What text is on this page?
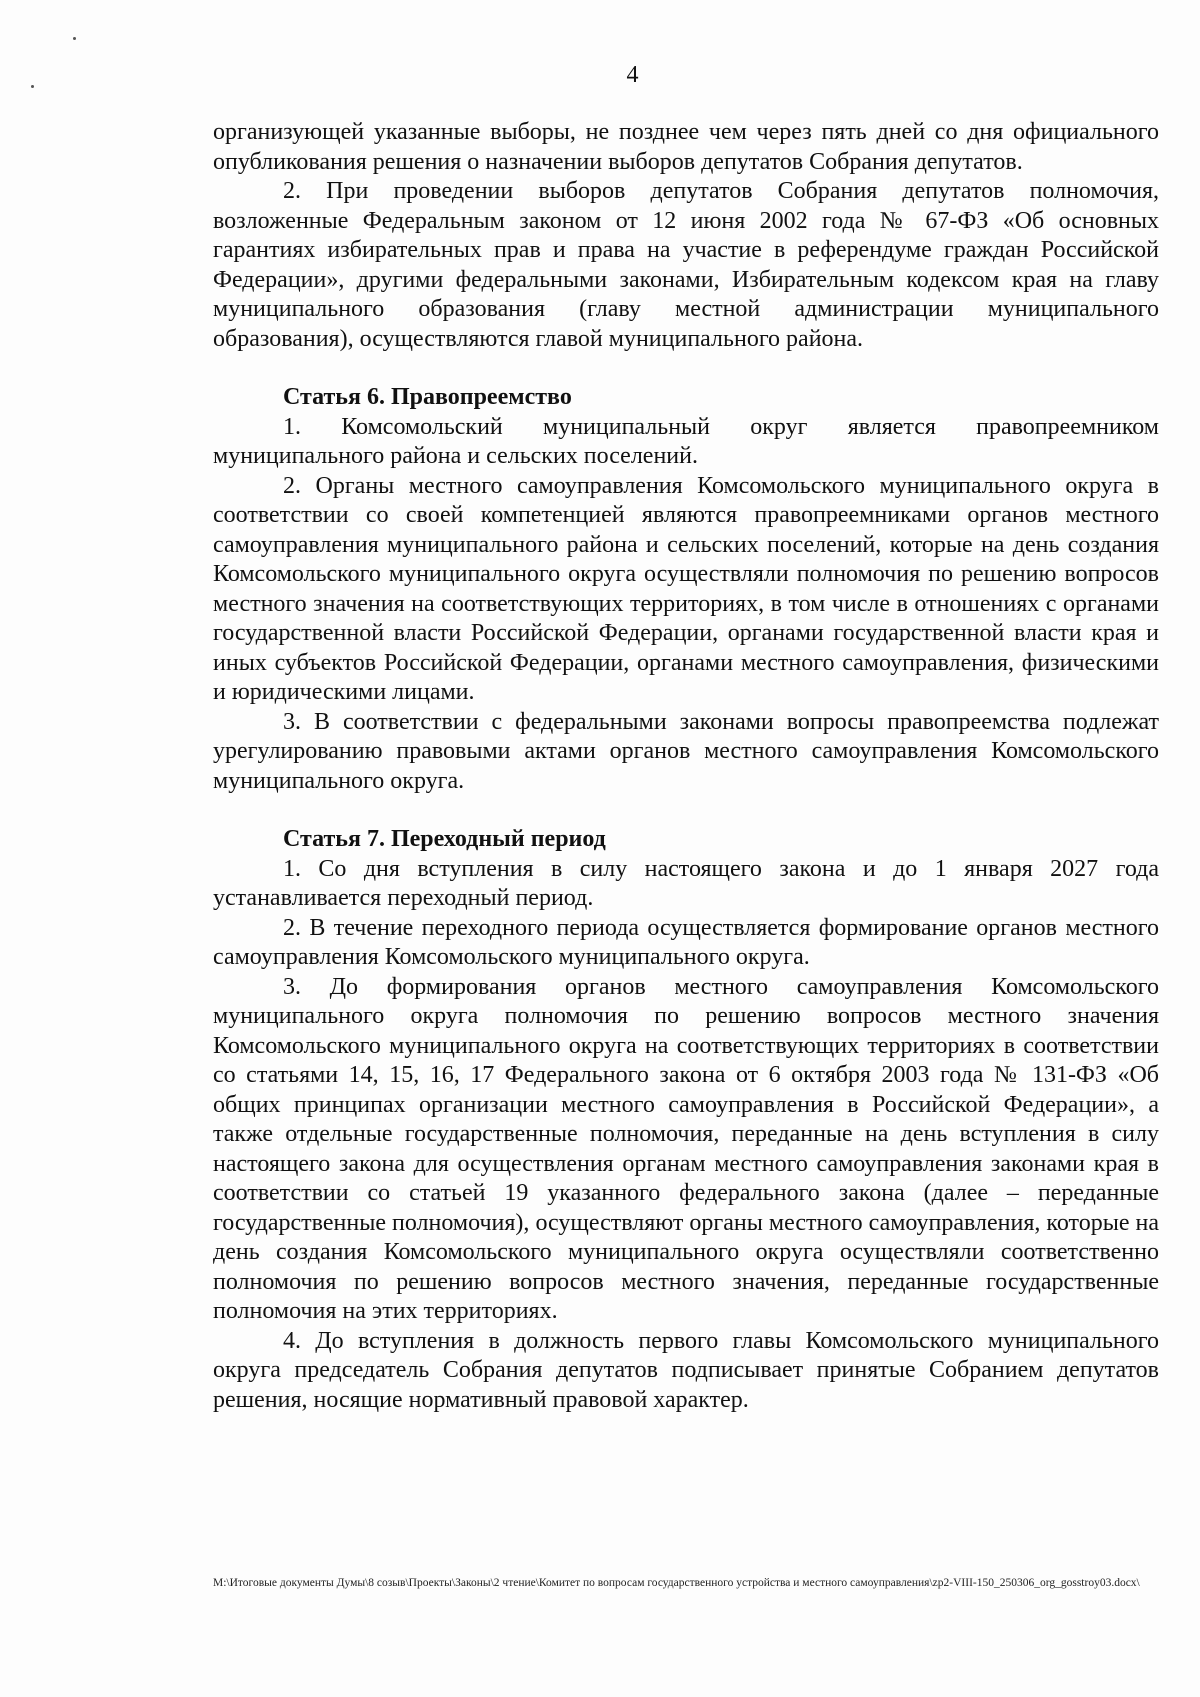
4

организующей указанные выборы, не позднее чем через пять дней со дня официального опубликования решения о назначении выборов депутатов Собрания депутатов.

2. При проведении выборов депутатов Собрания депутатов полномочия, возложенные Федеральным законом от 12 июня 2002 года № 67-ФЗ «Об основных гарантиях избирательных прав и права на участие в референдуме граждан Российской Федерации», другими федеральными законами, Избирательным кодексом края на главу муниципального образования (главу местной администрации муниципального образования), осуществляются главой муниципального района.

Статья 6. Правопреемство

1. Комсомольский муниципальный округ является правопреемником муниципального района и сельских поселений.

2. Органы местного самоуправления Комсомольского муниципального округа в соответствии со своей компетенцией являются правопреемниками органов местного самоуправления муниципального района и сельских поселений, которые на день создания Комсомольского муниципального округа осуществляли полномочия по решению вопросов местного значения на соответствующих территориях, в том числе в отношениях с органами государственной власти Российской Федерации, органами государственной власти края и иных субъектов Российской Федерации, органами местного самоуправления, физическими и юридическими лицами.

3. В соответствии с федеральными законами вопросы правопреемства подлежат урегулированию правовыми актами органов местного самоуправления Комсомольского муниципального округа.

Статья 7. Переходный период

1. Со дня вступления в силу настоящего закона и до 1 января 2027 года устанавливается переходный период.

2. В течение переходного периода осуществляется формирование органов местного самоуправления Комсомольского муниципального округа.

3. До формирования органов местного самоуправления Комсомольского муниципального округа полномочия по решению вопросов местного значения Комсомольского муниципального округа на соответствующих территориях в соответствии со статьями 14, 15, 16, 17 Федерального закона от 6 октября 2003 года № 131-ФЗ «Об общих принципах организации местного самоуправления в Российской Федерации», а также отдельные государственные полномочия, переданные на день вступления в силу настоящего закона для осуществления органам местного самоуправления законами края в соответствии со статьей 19 указанного федерального закона (далее – переданные государственные полномочия), осуществляют органы местного самоуправления, которые на день создания Комсомольского муниципального округа осуществляли соответственно полномочия по решению вопросов местного значения, переданные государственные полномочия на этих территориях.

4. До вступления в должность первого главы Комсомольского муниципального округа председатель Собрания депутатов подписывает принятые Собранием депутатов решения, носящие нормативный правовой характер.

М:\Итоговые документы Думы\8 созыв\Проекты\Законы\2 чтение\Комитет по вопросам государственного устройства и местного самоуправления\zp2-VIII-150_250306_org_gosstroy03.docx\
